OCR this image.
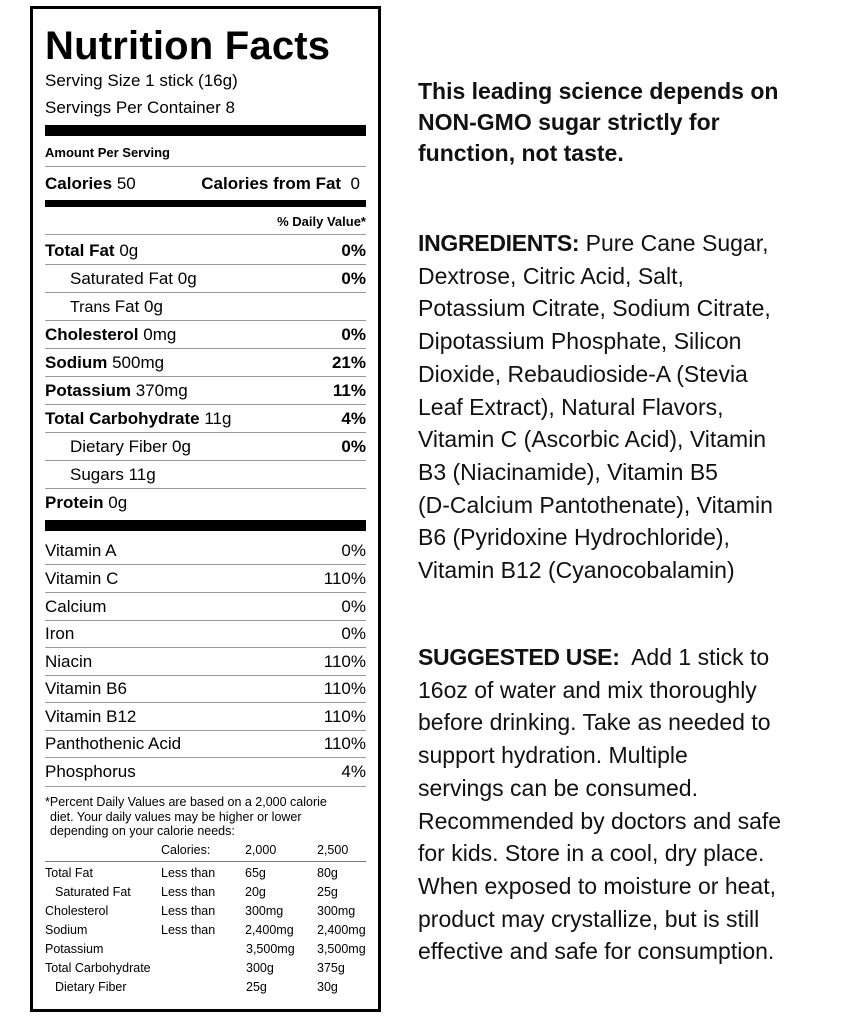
Nutrition Facts
Serving Size 1 stick (16g)
Servings Per Container 8
Amount Per Serving
Calories 50	Calories from Fat 0
% Daily Value*
Total Fat 0g	0%
Saturated Fat 0g	0%
Trans Fat 0g
Cholesterol 0mg	0%
Sodium 500mg	21%
Potassium 370mg	11%
Total Carbohydrate 11g	4%
Dietary Fiber 0g	0%
Sugars 11g
Protein 0g
Vitamin A	0%
Vitamin C	110%
Calcium	0%
Iron	0%
Niacin	110%
Vitamin B6	110%
Vitamin B12	110%
Panthothenic Acid	110%
Phosphorus	4%
*Percent Daily Values are based on a 2,000 calorie
diet. Your daily values may be higher or lower
depending on your calorie needs:
Calories:	2,000	2,500
Total Fat	Less than 65g	80g
Saturated Fat Less than 20g	25g
Cholesterol	Less than 300mg	300mg
Sodium	Less than 2,400mg 2,400mg
Potassium	3,500mg 3,500mg
Total Carbohydrate	300g	375g
Dietary Fiber	25g	30g
This leading science depends on
NON-GMO sugar strictly for
function, not taste.
INGREDIENTS: Pure Cane Sugar,
Dextrose, Citric Acid, Salt,
Potassium Citrate, Sodium Citrate,
Dipotassium Phosphate, Silicon
Dioxide, Rebaudioside-A (Stevia
Leaf Extract), Natural Flavors,
Vitamin C (Ascorbic Acid), Vitamin
B3 (Niacinamide), Vitamin B5
(D-Calcium Pantothenate), Vitamin
B6 (Pyridoxine Hydrochloride),
Vitamin B12 (Cyanocobalamin)
SUGGESTED USE:  Add 1 stick to
16oz of water and mix thoroughly
before drinking. Take as needed to
support hydration. Multiple
servings can be consumed.
Recommended by doctors and safe
for kids. Store in a cool, dry place.
When exposed to moisture or heat,
product may crystallize, but is still
effective and safe for consumption.
